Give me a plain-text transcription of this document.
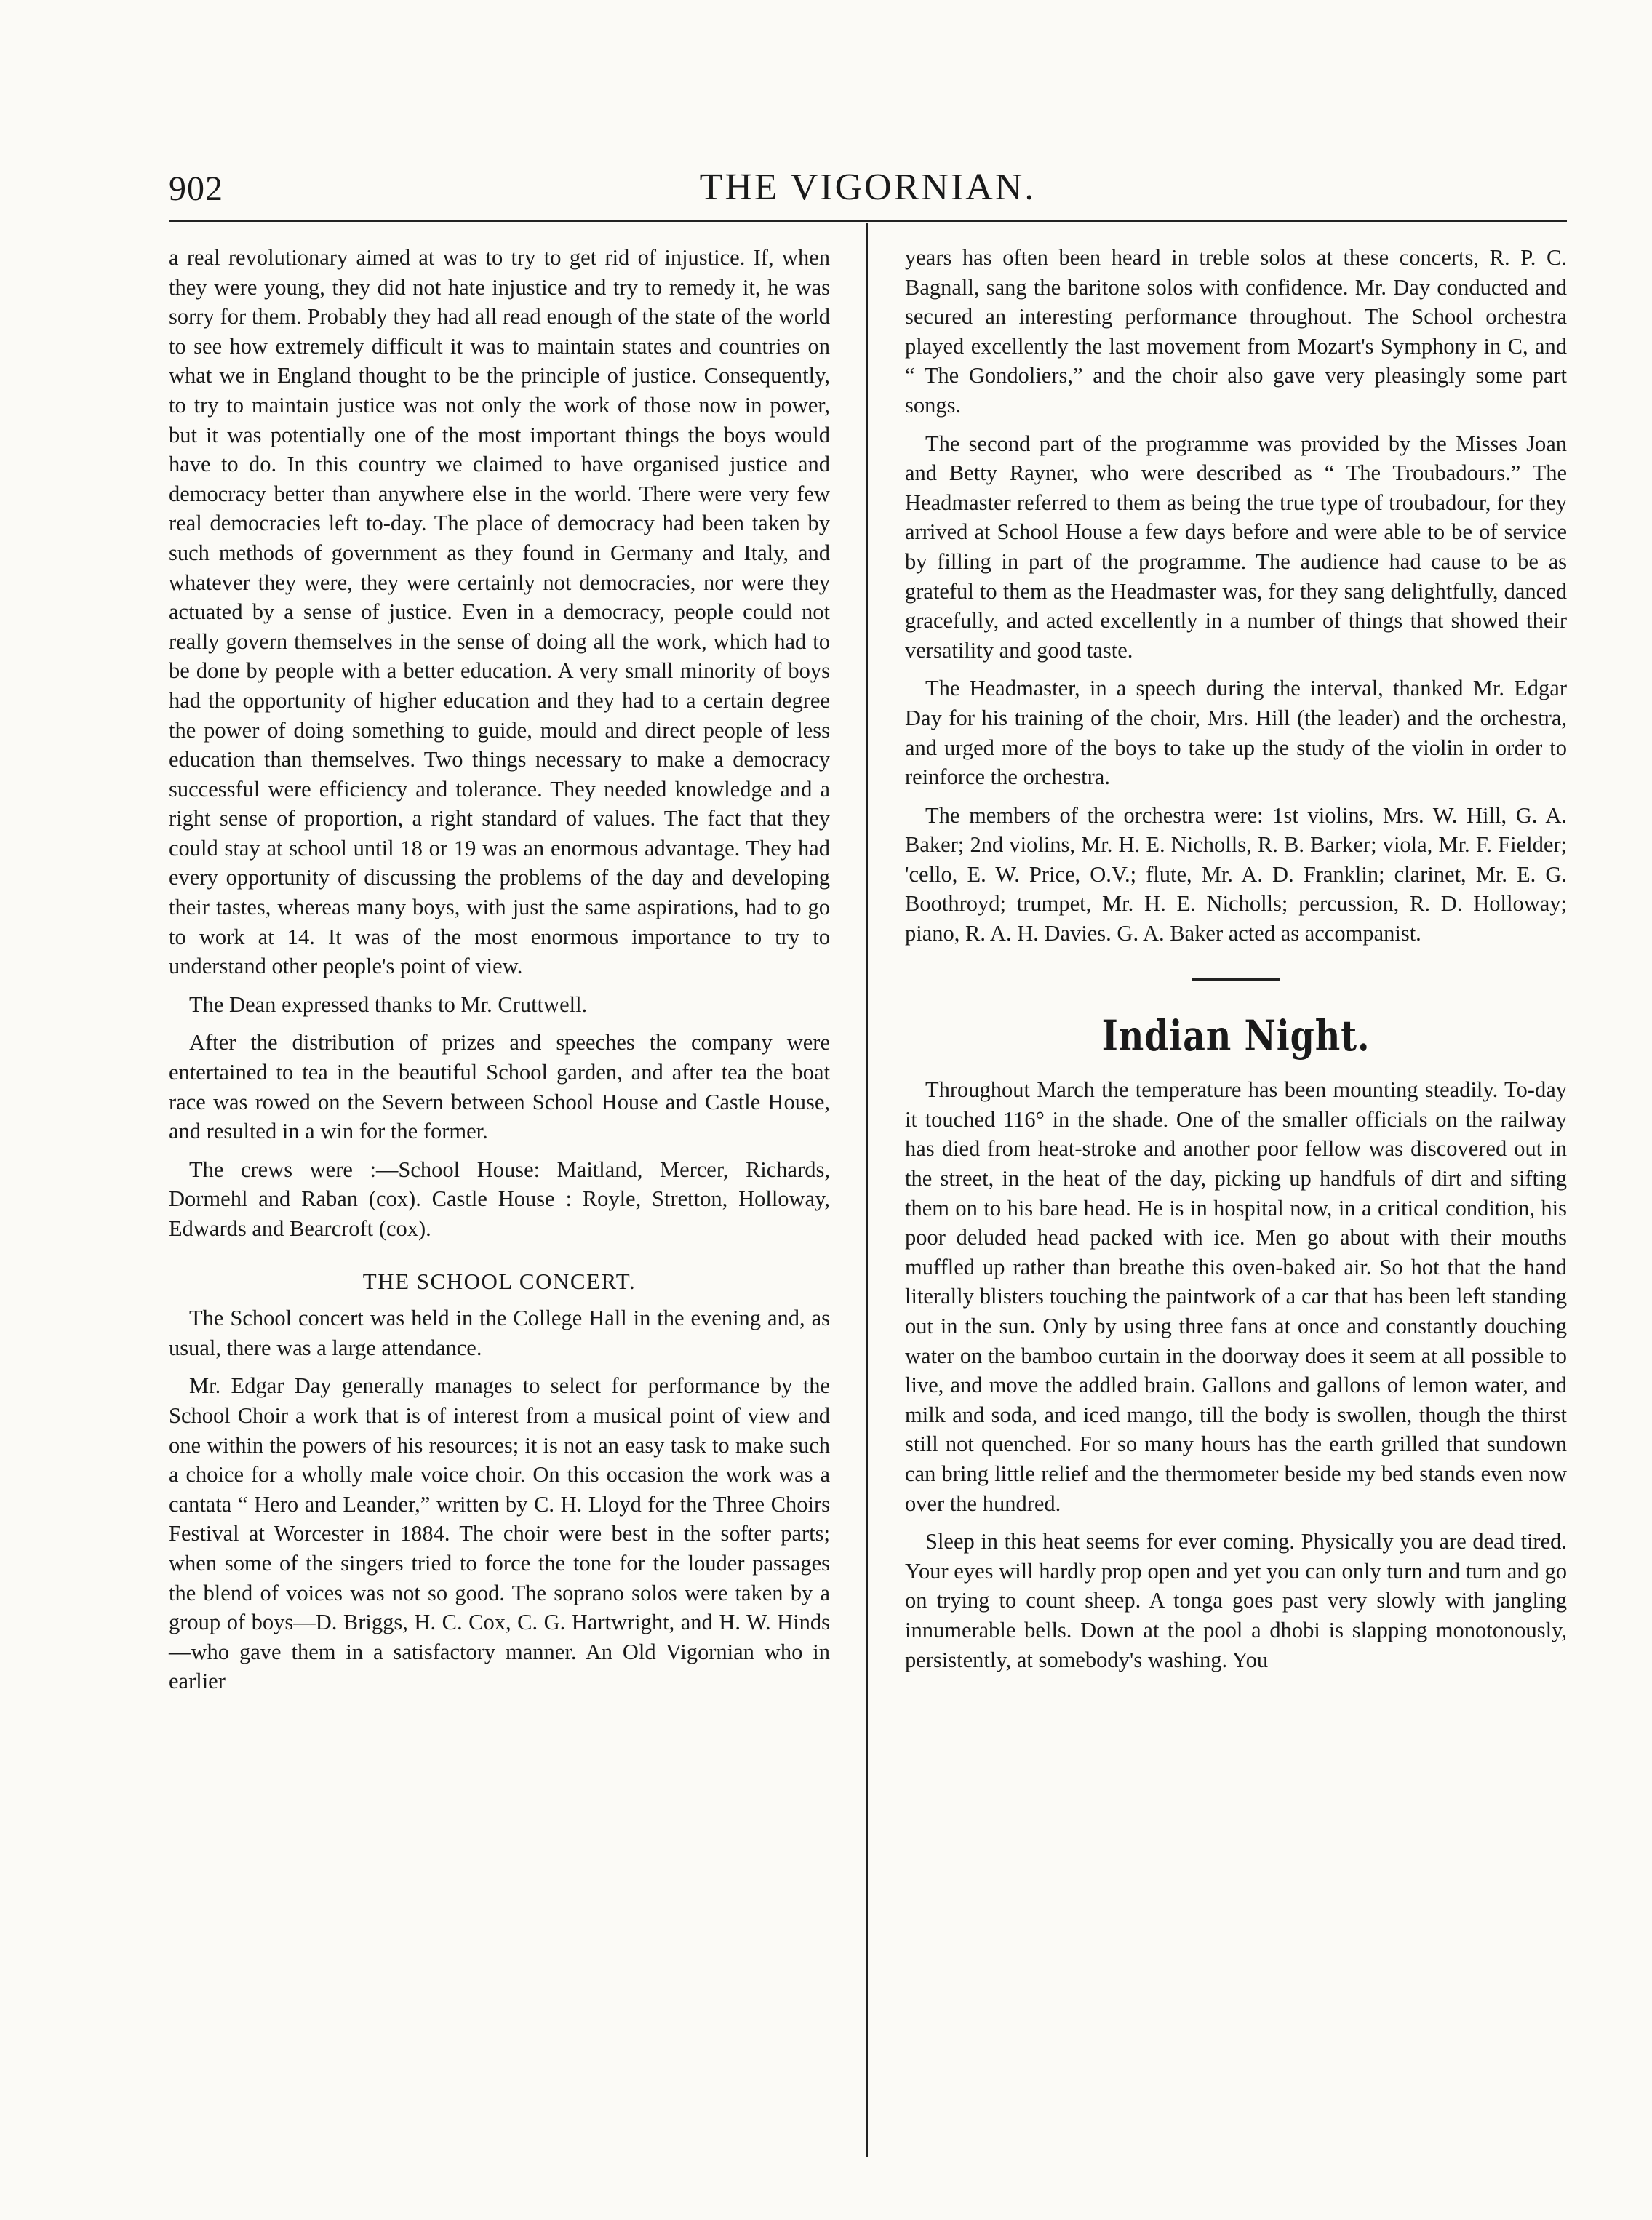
902	THE VIGORNIAN.

a real revolutionary aimed at was to try to get rid of injustice. If, when they were young, they did not hate injustice and try to remedy it, he was sorry for them. Probably they had all read enough of the state of the world to see how extremely difficult it was to maintain states and countries on what we in England thought to be the principle of justice. Consequently, to try to maintain justice was not only the work of those now in power, but it was potentially one of the most important things the boys would have to do. In this country we claimed to have organised justice and democracy better than anywhere else in the world. There were very few real democracies left to-day. The place of democracy had been taken by such methods of government as they found in Germany and Italy, and whatever they were, they were certainly not democracies, nor were they actuated by a sense of justice. Even in a democracy, people could not really govern themselves in the sense of doing all the work, which had to be done by people with a better education. A very small minority of boys had the opportunity of higher education and they had to a certain degree the power of doing something to guide, mould and direct people of less education than themselves. Two things necessary to make a democracy successful were efficiency and tolerance. They needed knowledge and a right sense of proportion, a right standard of values. The fact that they could stay at school until 18 or 19 was an enormous advantage. They had every opportunity of discussing the problems of the day and developing their tastes, whereas many boys, with just the same aspirations, had to go to work at 14. It was of the most enormous importance to try to understand other people's point of view.

The Dean expressed thanks to Mr. Cruttwell.

After the distribution of prizes and speeches the company were entertained to tea in the beautiful School garden, and after tea the boat race was rowed on the Severn between School House and Castle House, and resulted in a win for the former.

The crews were :—School House: Maitland, Mercer, Richards, Dormehl and Raban (cox). Castle House : Royle, Stretton, Holloway, Edwards and Bearcroft (cox).

THE SCHOOL CONCERT.

The School concert was held in the College Hall in the evening and, as usual, there was a large attendance.

Mr. Edgar Day generally manages to select for performance by the School Choir a work that is of interest from a musical point of view and one within the powers of his resources; it is not an easy task to make such a choice for a wholly male voice choir. On this occasion the work was a cantata “ Hero and Leander,” written by C. H. Lloyd for the Three Choirs Festival at Worcester in 1884. The choir were best in the softer parts; when some of the singers tried to force the tone for the louder passages the blend of voices was not so good. The soprano solos were taken by a group of boys—D. Briggs, H. C. Cox, C. G. Hartwright, and H. W. Hinds—who gave them in a satisfactory manner. An Old Vigornian who in earlier

years has often been heard in treble solos at these concerts, R. P. C. Bagnall, sang the baritone solos with confidence. Mr. Day conducted and secured an interesting performance throughout. The School orchestra played excellently the last movement from Mozart's Symphony in C, and “ The Gondoliers,” and the choir also gave very pleasingly some part songs.

The second part of the programme was provided by the Misses Joan and Betty Rayner, who were described as “ The Troubadours.” The Headmaster referred to them as being the true type of troubadour, for they arrived at School House a few days before and were able to be of service by filling in part of the programme. The audience had cause to be as grateful to them as the Headmaster was, for they sang delightfully, danced gracefully, and acted excellently in a number of things that showed their versatility and good taste.

The Headmaster, in a speech during the interval, thanked Mr. Edgar Day for his training of the choir, Mrs. Hill (the leader) and the orchestra, and urged more of the boys to take up the study of the violin in order to reinforce the orchestra.

The members of the orchestra were: 1st violins, Mrs. W. Hill, G. A. Baker; 2nd violins, Mr. H. E. Nicholls, R. B. Barker; viola, Mr. F. Fielder; 'cello, E. W. Price, O.V.; flute, Mr. A. D. Franklin; clarinet, Mr. E. G. Boothroyd; trumpet, Mr. H. E. Nicholls; percussion, R. D. Holloway; piano, R. A. H. Davies. G. A. Baker acted as accompanist.

Indian Night.

Throughout March the temperature has been mounting steadily. To-day it touched 116° in the shade. One of the smaller officials on the railway has died from heat-stroke and another poor fellow was discovered out in the street, in the heat of the day, picking up handfuls of dirt and sifting them on to his bare head. He is in hospital now, in a critical condition, his poor deluded head packed with ice. Men go about with their mouths muffled up rather than breathe this oven-baked air. So hot that the hand literally blisters touching the paintwork of a car that has been left standing out in the sun. Only by using three fans at once and constantly douching water on the bamboo curtain in the doorway does it seem at all possible to live, and move the addled brain. Gallons and gallons of lemon water, and milk and soda, and iced mango, till the body is swollen, though the thirst still not quenched. For so many hours has the earth grilled that sundown can bring little relief and the thermometer beside my bed stands even now over the hundred.

Sleep in this heat seems for ever coming. Physically you are dead tired. Your eyes will hardly prop open and yet you can only turn and turn and go on trying to count sheep. A tonga goes past very slowly with jangling innumerable bells. Down at the pool a dhobi is slapping monotonously, persistently, at somebody's washing. You
